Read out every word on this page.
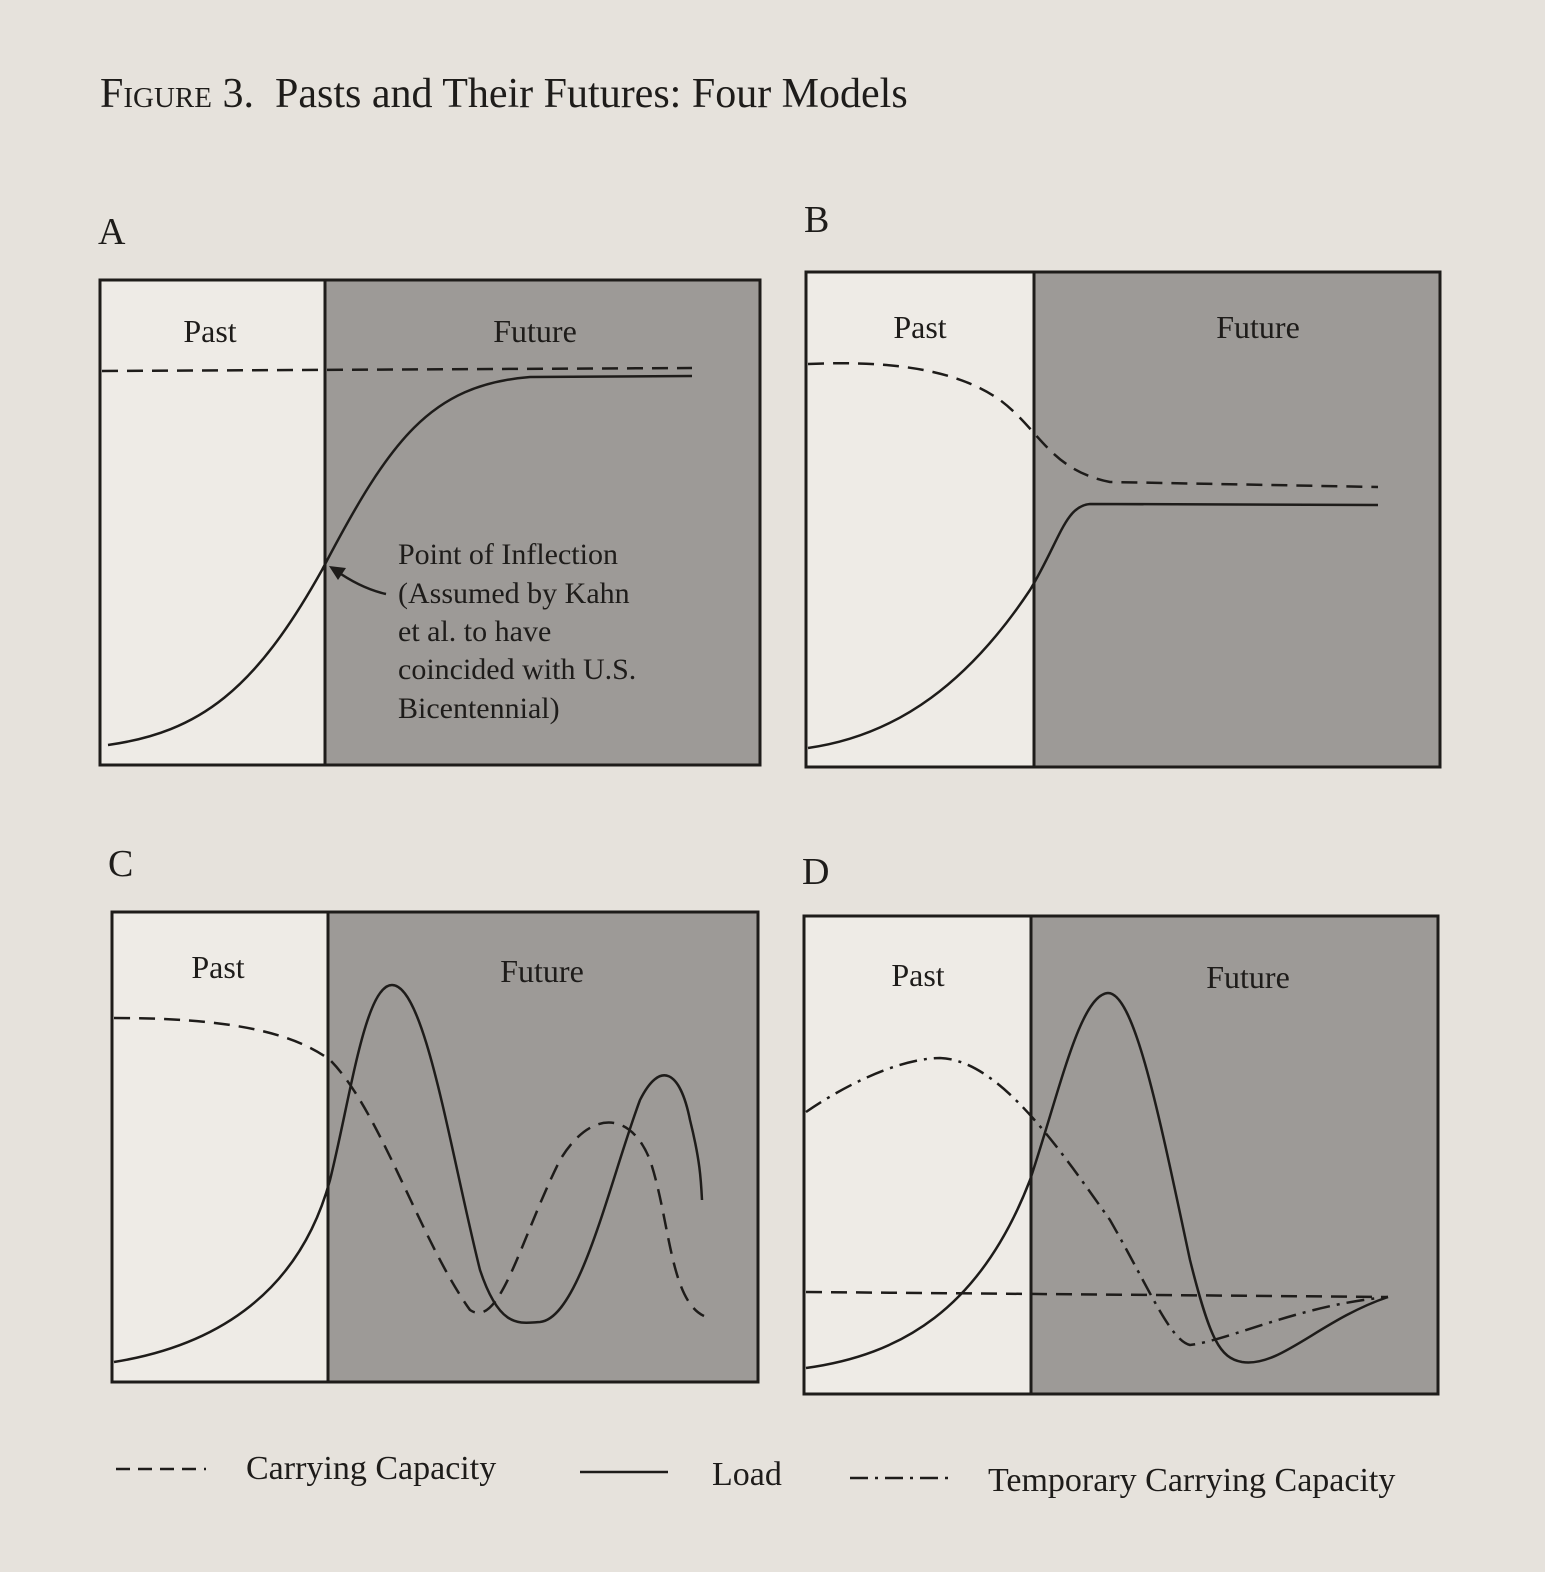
Figure 3. Pasts and Their Futures: Four Models
A	B
C	D
Past	Future
Point of Inflection (Assumed by Kahn et al. to have coincided with U.S. Bicentennial)
Past	Future
Past	Future	Past	Future
Carrying Capacity	Load	Temporary Carrying Capacity
